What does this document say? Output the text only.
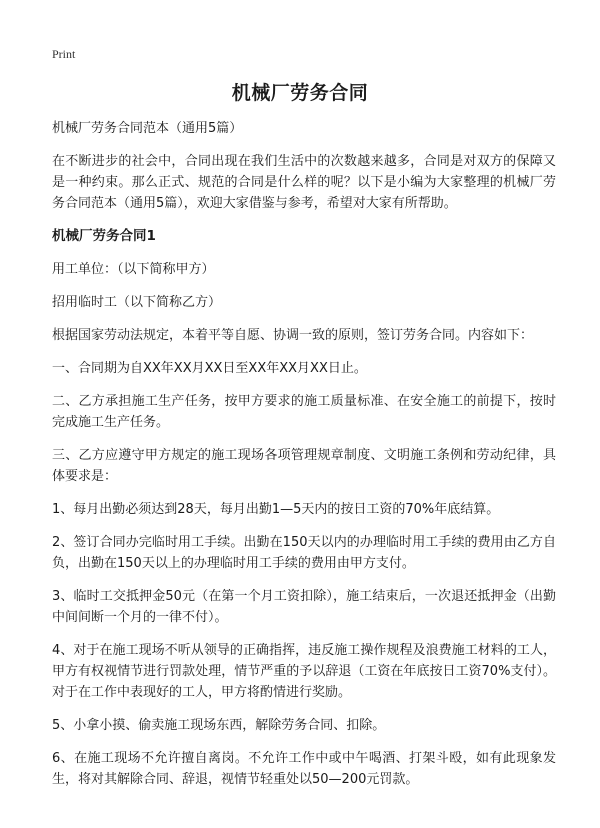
Print
机械厂劳务合同

机械厂劳务合同范本（通用5篇）

在不断进步的社会中，合同出现在我们生活中的次数越来越多，合同是对双方的保障又是一种约束。那么正式、规范的合同是什么样的呢？以下是小编为大家整理的机械厂劳务合同范本（通用5篇），欢迎大家借鉴与参考，希望对大家有所帮助。

机械厂劳务合同1

用工单位：（以下简称甲方）

招用临时工（以下简称乙方）

根据国家劳动法规定，本着平等自愿、协调一致的原则，签订劳务合同。内容如下：

一、合同期为自XX年XX月XX日至XX年XX月XX日止。

二、乙方承担施工生产任务，按甲方要求的施工质量标准、在安全施工的前提下，按时完成施工生产任务。

三、乙方应遵守甲方规定的施工现场各项管理规章制度、文明施工条例和劳动纪律，具体要求是：

1、每月出勤必须达到28天，每月出勤1—5天内的按日工资的70%年底结算。

2、签订合同办完临时用工手续。出勤在150天以内的办理临时用工手续的费用由乙方自负，出勤在150天以上的办理临时用工手续的费用由甲方支付。

3、临时工交抵押金50元（在第一个月工资扣除），施工结束后，一次退还抵押金（出勤中间间断一个月的一律不付）。

4、对于在施工现场不听从领导的正确指挥，违反施工操作规程及浪费施工材料的工人，甲方有权视情节进行罚款处理，情节严重的予以辞退（工资在年底按日工资70%支付）。对于在工作中表现好的工人，甲方将酌情进行奖励。

5、小拿小摸、偷卖施工现场东西，解除劳务合同、扣除。

6、在施工现场不允许擅自离岗。不允许工作中或中午喝酒、打架斗殴，如有此现象发生，将对其解除合同、辞退，视情节轻重处以50—200元罚款。
